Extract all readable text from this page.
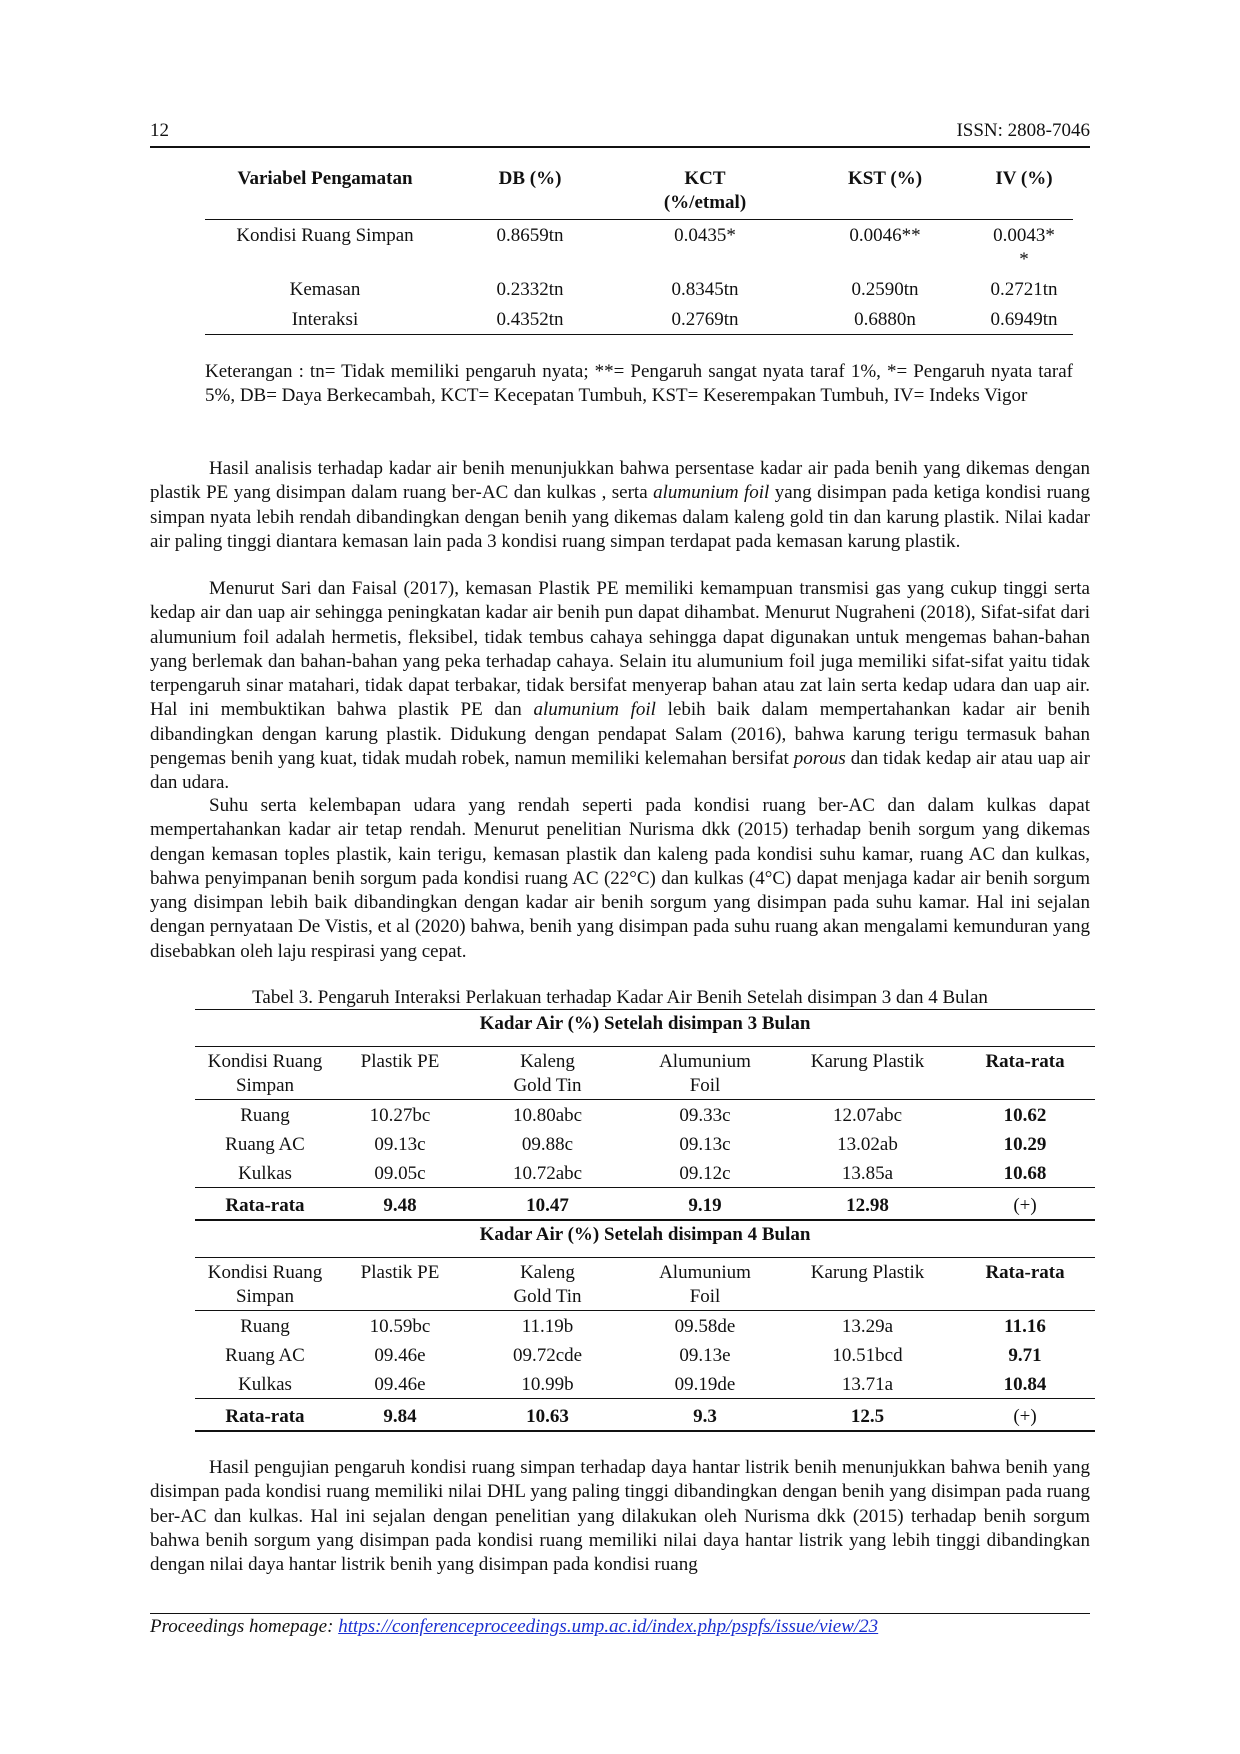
12	ISSN: 2808-7046
Variabel Pengamatan	DB (%)	KCT (%/etmal)	KST (%)	IV (%)
Kondisi Ruang Simpan	0.8659tn	0.0435*	0.0046**	0.0043**
Kemasan	0.2332tn	0.8345tn	0.2590tn	0.2721tn
Interaksi	0.4352tn	0.2769tn	0.6880n	0.6949tn
Keterangan : tn= Tidak memiliki pengaruh nyata; **= Pengaruh sangat nyata taraf 1%, *= Pengaruh nyata taraf 5%, DB= Daya Berkecambah, KCT= Kecepatan Tumbuh, KST= Keserempakan Tumbuh, IV= Indeks Vigor

Hasil analisis terhadap kadar air benih menunjukkan bahwa persentase kadar air pada benih yang dikemas dengan plastik PE yang disimpan dalam ruang ber-AC dan kulkas , serta alumunium foil yang disimpan pada ketiga kondisi ruang simpan nyata lebih rendah dibandingkan dengan benih yang dikemas dalam kaleng gold tin dan karung plastik. Nilai kadar air paling tinggi diantara kemasan lain pada 3 kondisi ruang simpan terdapat pada kemasan karung plastik.

Menurut Sari dan Faisal (2017), kemasan Plastik PE memiliki kemampuan transmisi gas yang cukup tinggi serta kedap air dan uap air sehingga peningkatan kadar air benih pun dapat dihambat. Menurut Nugraheni (2018), Sifat-sifat dari alumunium foil adalah hermetis, fleksibel, tidak tembus cahaya sehingga dapat digunakan untuk mengemas bahan-bahan yang berlemak dan bahan-bahan yang peka terhadap cahaya. Selain itu alumunium foil juga memiliki sifat-sifat yaitu tidak terpengaruh sinar matahari, tidak dapat terbakar, tidak bersifat menyerap bahan atau zat lain serta kedap udara dan uap air. Hal ini membuktikan bahwa plastik PE dan alumunium foil lebih baik dalam mempertahankan kadar air benih dibandingkan dengan karung plastik. Didukung dengan pendapat Salam (2016), bahwa karung terigu termasuk bahan pengemas benih yang kuat, tidak mudah robek, namun memiliki kelemahan bersifat porous dan tidak kedap air atau uap air dan udara.

Suhu serta kelembapan udara yang rendah seperti pada kondisi ruang ber-AC dan dalam kulkas dapat mempertahankan kadar air tetap rendah. Menurut penelitian Nurisma dkk (2015) terhadap benih sorgum yang dikemas dengan kemasan toples plastik, kain terigu, kemasan plastik dan kaleng pada kondisi suhu kamar, ruang AC dan kulkas, bahwa penyimpanan benih sorgum pada kondisi ruang AC (22°C) dan kulkas (4°C) dapat menjaga kadar air benih sorgum yang disimpan lebih baik dibandingkan dengan kadar air benih sorgum yang disimpan pada suhu kamar. Hal ini sejalan dengan pernyataan De Vistis, et al (2020) bahwa, benih yang disimpan pada suhu ruang akan mengalami kemunduran yang disebabkan oleh laju respirasi yang cepat.

Tabel 3. Pengaruh Interaksi Perlakuan terhadap Kadar Air Benih Setelah disimpan 3 dan 4 Bulan
Kadar Air (%) Setelah disimpan 3 Bulan					
Kondisi Ruang Simpan	Plastik PE	Kaleng Gold Tin	Alumunium Foil	Karung Plastik	Rata-rata
Ruang	10.27bc	10.80abc	09.33c	12.07abc	10.62
Ruang AC	09.13c	09.88c	09.13c	13.02ab	10.29
Kulkas	09.05c	10.72abc	09.12c	13.85a	10.68
Rata-rata	9.48	10.47	9.19	12.98	(+)
Kadar Air (%) Setelah disimpan 4 Bulan					
Kondisi Ruang Simpan	Plastik PE	Kaleng Gold Tin	Alumunium Foil	Karung Plastik	Rata-rata
Ruang	10.59bc	11.19b	09.58de	13.29a	11.16
Ruang AC	09.46e	09.72cde	09.13e	10.51bcd	9.71
Kulkas	09.46e	10.99b	09.19de	13.71a	10.84
Rata-rata	9.84	10.63	9.3	12.5	(+)

Hasil pengujian pengaruh kondisi ruang simpan terhadap daya hantar listrik benih menunjukkan bahwa benih yang disimpan pada kondisi ruang memiliki nilai DHL yang paling tinggi dibandingkan dengan benih yang disimpan pada ruang ber-AC dan kulkas. Hal ini sejalan dengan penelitian yang dilakukan oleh Nurisma dkk (2015) terhadap benih sorgum bahwa benih sorgum yang disimpan pada kondisi ruang memiliki nilai daya hantar listrik yang lebih tinggi dibandingkan dengan nilai daya hantar listrik benih yang disimpan pada kondisi ruang

Proceedings homepage: https://conferenceproceedings.ump.ac.id/index.php/pspfs/issue/view/23
